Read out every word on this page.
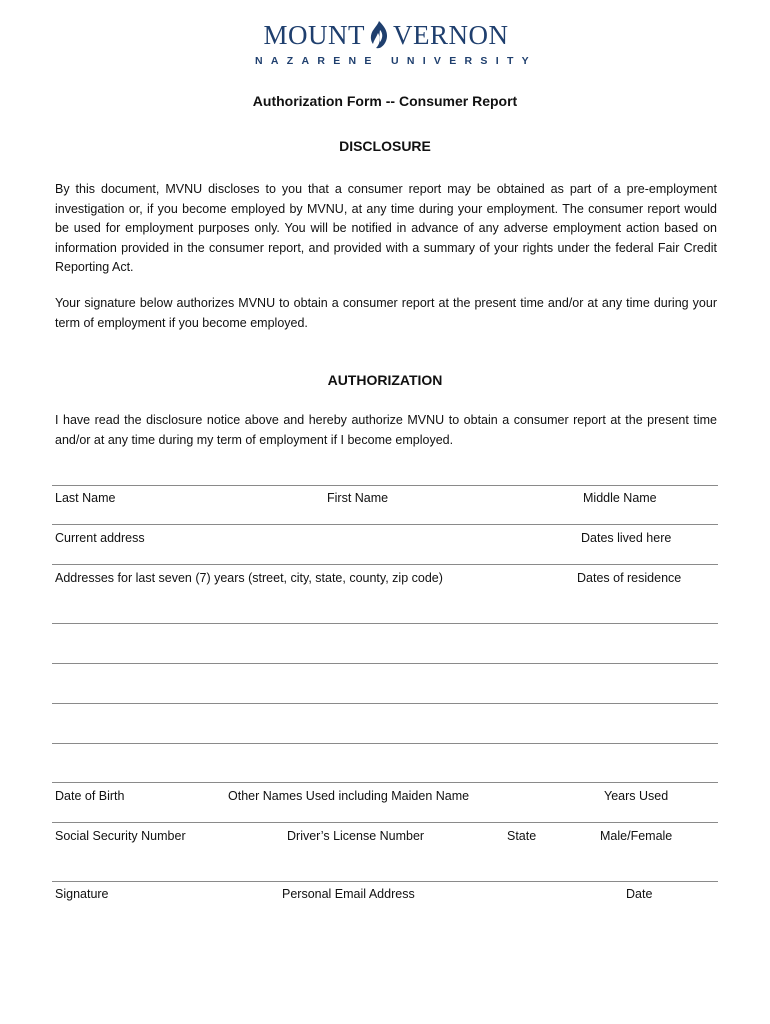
MOUNT VERNON
NAZARENE UNIVERSITY
Authorization Form -- Consumer Report
DISCLOSURE

By this document, MVNU discloses to you that a consumer report may be obtained as part of a pre-employment investigation or, if you become employed by MVNU, at any time during your employment. The consumer report would be used for employment purposes only. You will be notified in advance of any adverse employment action based on information provided in the consumer report, and provided with a summary of your rights under the federal Fair Credit Reporting Act.

Your signature below authorizes MVNU to obtain a consumer report at the present time and/or at any time during your term of employment if you become employed.

AUTHORIZATION

I have read the disclosure notice above and hereby authorize MVNU to obtain a consumer report at the present time and/or at any time during my term of employment if I become employed.

Last Name	First Name	Middle Name
Current address	Dates lived here
Addresses for last seven (7) years (street, city, state, county, zip code)	Dates of residence
Date of Birth	Other Names Used including Maiden Name	Years Used
Social Security Number	Driver’s License Number	State	Male/Female
Signature	Personal Email Address	Date
